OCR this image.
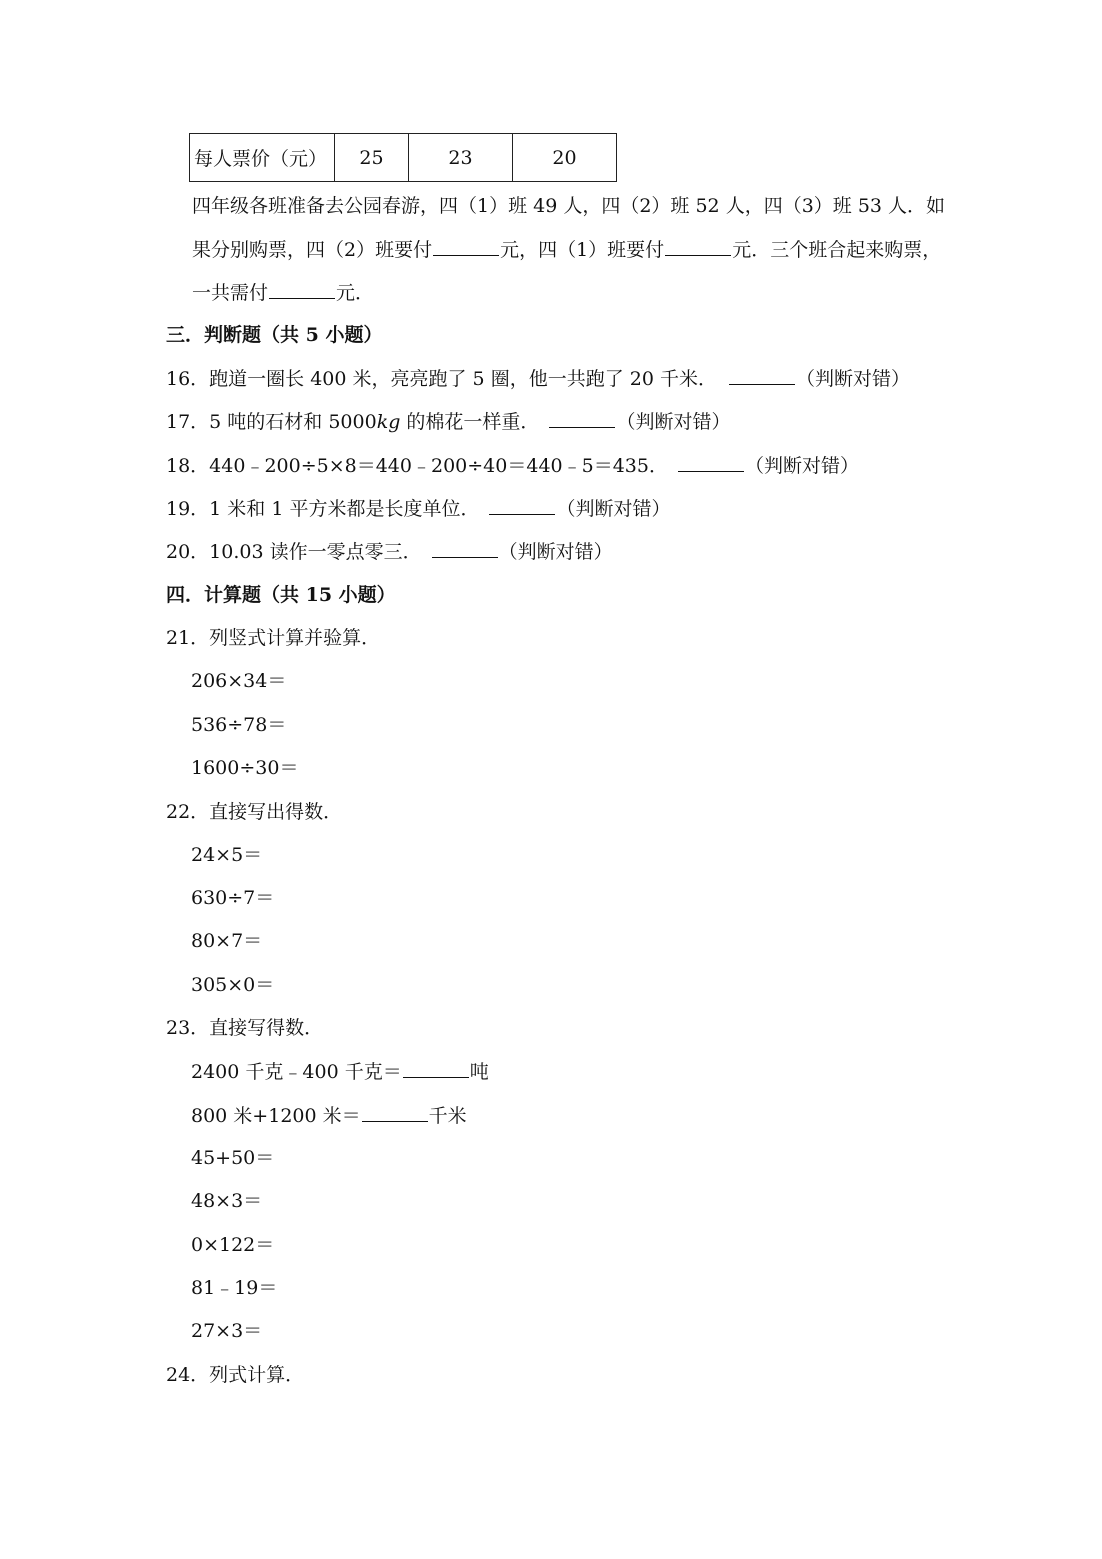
每人票价（元）	25	23	20
四年级各班准备去公园春游，四（1）班 49 人，四（2）班 52 人，四（3）班 53 人．如
果分别购票，四（2）班要付	元，四（1）班要付	元．三个班合起来购票，
一共需付	元．
三．判断题（共 5 小题）
16．跑道一圈长 400 米，亮亮跑了 5 圈，他一共跑了 20 千米．	（判断对错）
17．5 吨的石材和 5000kg 的棉花一样重．	（判断对错）
18．440﹣200÷5×8＝440﹣200÷40＝440﹣5＝435．	（判断对错）
19．1 米和 1 平方米都是长度单位．	（判断对错）
20．10.03 读作一零点零三．	（判断对错）
四．计算题（共 15 小题）
21．列竖式计算并验算．
206×34＝
536÷78＝
1600÷30＝
22．直接写出得数．
24×5＝
630÷7＝
80×7＝
305×0＝
23．直接写得数．
2400 千克﹣400 千克＝	吨
800 米+1200 米＝	千米
45+50＝
48×3＝
0×122＝
81﹣19＝
27×3＝
24．列式计算．
